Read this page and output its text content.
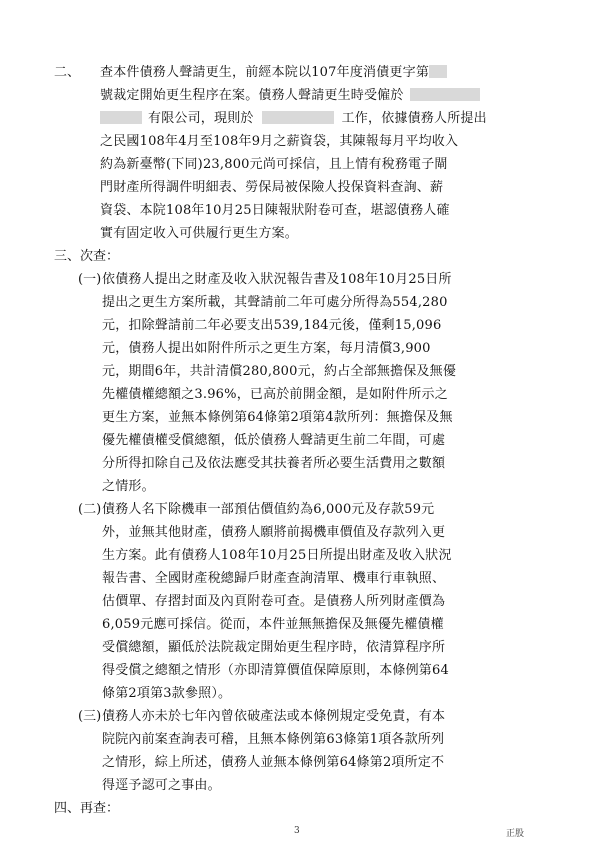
二、 查本件債務人聲請更生，前經本院以107年度消債更字第
號裁定開始更生程序在案。債務人聲請更生時受僱於
有限公司，現則於	工作，依據債務人所提出
之民國108年4月至108年9月之薪資袋，其陳報每月平均收入
約為新臺幣(下同)23,800元尚可採信，且上情有稅務電子閘
門財產所得調件明細表、勞保局被保險人投保資料查詢、薪
資袋、本院108年10月25日陳報狀附卷可查，堪認債務人確
實有固定收入可供履行更生方案。
三、次查：
(一) 依債務人提出之財產及收入狀況報告書及108年10月25日所
提出之更生方案所載，其聲請前二年可處分所得為554,280
元，扣除聲請前二年必要支出539,184元後，僅剩15,096
元，債務人提出如附件所示之更生方案，每月清償3,900
元，期間6年，共計清償280,800元，約占全部無擔保及無優
先權債權總額之3.96%，已高於前開金額，是如附件所示之
更生方案，並無本條例第64條第2項第4款所列：無擔保及無
優先權債權受償總額，低於債務人聲請更生前二年間，可處
分所得扣除自己及依法應受其扶養者所必要生活費用之數額
之情形。
(二) 債務人名下除機車一部預估價值約為6,000元及存款59元
外，並無其他財產，債務人願將前揭機車價值及存款列入更
生方案。此有債務人108年10月25日所提出財產及收入狀況
報告書、全國財產稅總歸戶財產查詢清單、機車行車執照、
估價單、存摺封面及內頁附卷可查。是債務人所列財產價為
6,059元應可採信。從而，本件並無無擔保及無優先權債權
受償總額，顯低於法院裁定開始更生程序時，依清算程序所
得受償之總額之情形（亦即清算價值保障原則，本條例第64
條第2項第3款參照）。
(三) 債務人亦未於七年內曾依破產法或本條例規定受免責，有本
院院內前案查詢表可稽，且無本條例第63條第1項各款所列
之情形，綜上所述，債務人並無本條例第64條第2項所定不
得逕予認可之事由。
四、再查：
3	正股
